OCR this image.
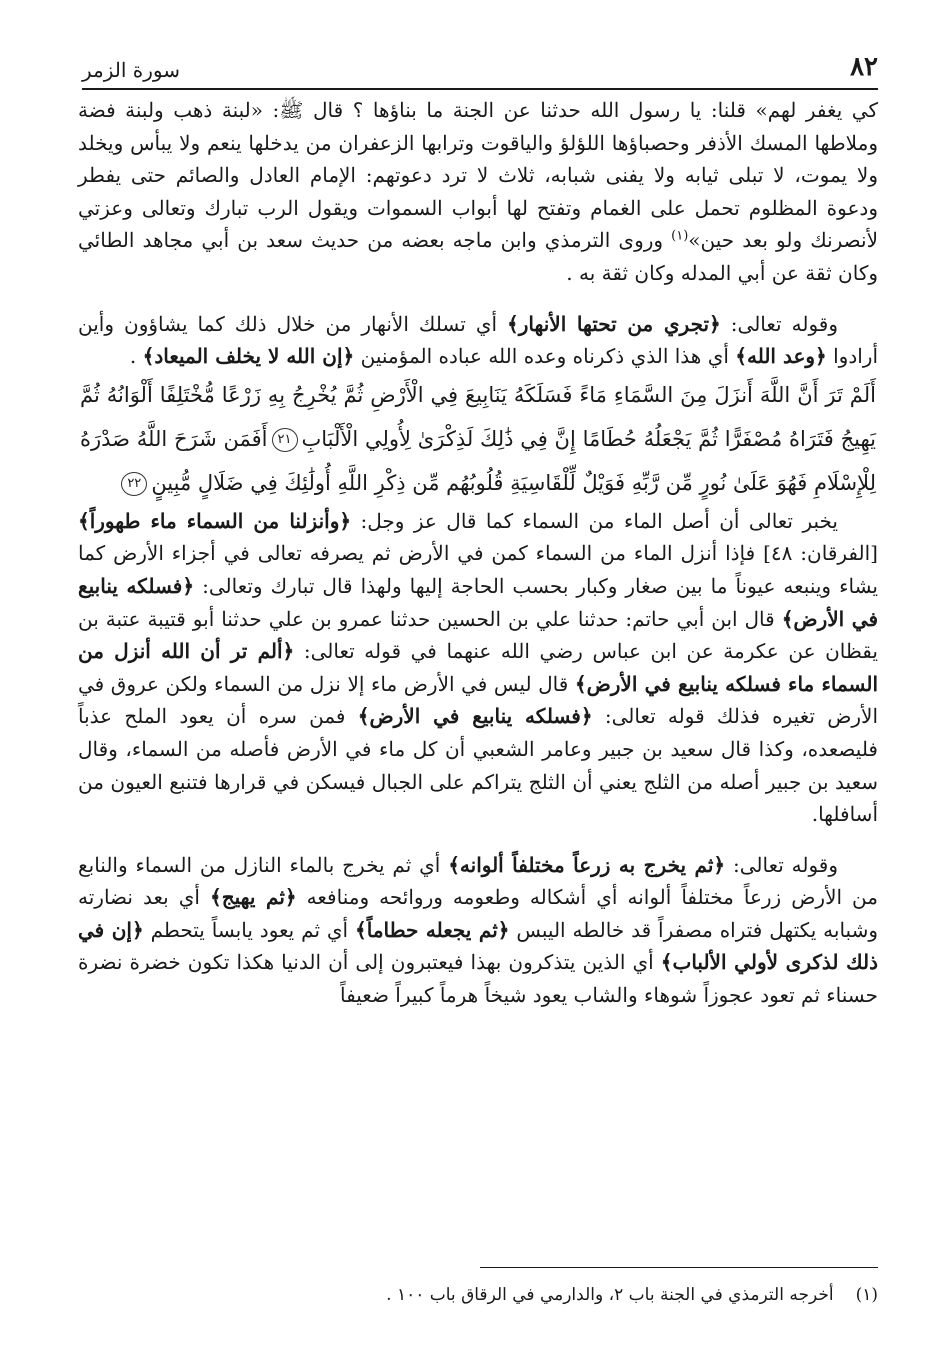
٨٢
سورة الزمر

كي يغفر لهم» قلنا: يا رسول الله حدثنا عن الجنة ما بناؤها ؟ قال ﷺ: «لبنة ذهب ولبنة فضة وملاطها المسك الأذفر وحصباؤها اللؤلؤ والياقوت وترابها الزعفران من يدخلها ينعم ولا يبأس ويخلد ولا يموت، لا تبلى ثيابه ولا يفنى شبابه، ثلاث لا ترد دعوتهم: الإمام العادل والصائم حتى يفطر ودعوة المظلوم تحمل على الغمام وتفتح لها أبواب السموات ويقول الرب تبارك وتعالى وعزتي لأنصرنك ولو بعد حين»$^{(١)}$ وروى الترمذي وابن ماجه بعضه من حديث سعد بن أبي مجاهد الطائي وكان ثقة عن أبي المدله وكان ثقة به .

وقوله تعالى: ﴿تجري من تحتها الأنهار﴾ أي تسلك الأنهار من خلال ذلك كما يشاؤون وأين أرادوا ﴿وعد الله﴾ أي هذا الذي ذكرناه وعده الله عباده المؤمنين ﴿إن الله لا يخلف الميعاد﴾ .

أَلَمْ تَرَ أَنَّ اللَّهَ أَنزَلَ مِنَ السَّمَاءِ مَاءً فَسَلَكَهُ يَنَابِيعَ فِي الْأَرْضِ ثُمَّ يُخْرِجُ بِهِ زَرْعًا مُّخْتَلِفًا أَلْوَانُهُ ثُمَّ يَهِيجُ فَتَرَاهُ مُصْفَرًّا ثُمَّ يَجْعَلُهُ حُطَامًا إِنَّ فِي ذَٰلِكَ لَذِكْرَىٰ لِأُولِي الْأَلْبَابِ٢١أَفَمَن شَرَحَ اللَّهُ صَدْرَهُ لِلْإِسْلَامِ فَهُوَ عَلَىٰ نُورٍ مِّن رَّبِّهِ فَوَيْلٌ لِّلْقَاسِيَةِ قُلُوبُهُم مِّن ذِكْرِ اللَّهِ أُولَٰئِكَ فِي ضَلَالٍ مُّبِينٍ٢٢

يخبر تعالى أن أصل الماء من السماء كما قال عز وجل: ﴿وأنزلنا من السماء ماء طهوراً﴾ [الفرقان: ٤٨] فإذا أنزل الماء من السماء كمن في الأرض ثم يصرفه تعالى في أجزاء الأرض كما يشاء وينبعه عيوناً ما بين صغار وكبار بحسب الحاجة إليها ولهذا قال تبارك وتعالى: ﴿فسلكه ينابيع في الأرض﴾ قال ابن أبي حاتم: حدثنا علي بن الحسين حدثنا عمرو بن علي حدثنا أبو قتيبة عتبة بن يقظان عن عكرمة عن ابن عباس رضي الله عنهما في قوله تعالى: ﴿ألم تر أن الله أنزل من السماء ماء فسلكه ينابيع في الأرض﴾ قال ليس في الأرض ماء إلا نزل من السماء ولكن عروق في الأرض تغيره فذلك قوله تعالى: ﴿فسلكه ينابيع في الأرض﴾ فمن سره أن يعود الملح عذباً فليصعده، وكذا قال سعيد بن جبير وعامر الشعبي أن كل ماء في الأرض فأصله من السماء، وقال سعيد بن جبير أصله من الثلج يعني أن الثلج يتراكم على الجبال فيسكن في قرارها فتنبع العيون من أسافلها.

وقوله تعالى: ﴿ثم يخرج به زرعاً مختلفاً ألوانه﴾ أي ثم يخرج بالماء النازل من السماء والنابع من الأرض زرعاً مختلفاً ألوانه أي أشكاله وطعومه وروائحه ومنافعه ﴿ثم يهيج﴾ أي بعد نضارته وشبابه يكتهل فتراه مصفراً قد خالطه اليبس ﴿ثم يجعله حطاماً﴾ أي ثم يعود يابساً يتحطم ﴿إن في ذلك لذكرى لأولي الألباب﴾ أي الذين يتذكرون بهذا فيعتبرون إلى أن الدنيا هكذا تكون خضرة نضرة حسناء ثم تعود عجوزاً شوهاء والشاب يعود شيخاً هرماً كبيراً ضعيفاً

(١)أخرجه الترمذي في الجنة باب ٢، والدارمي في الرقاق باب ١٠٠ .
